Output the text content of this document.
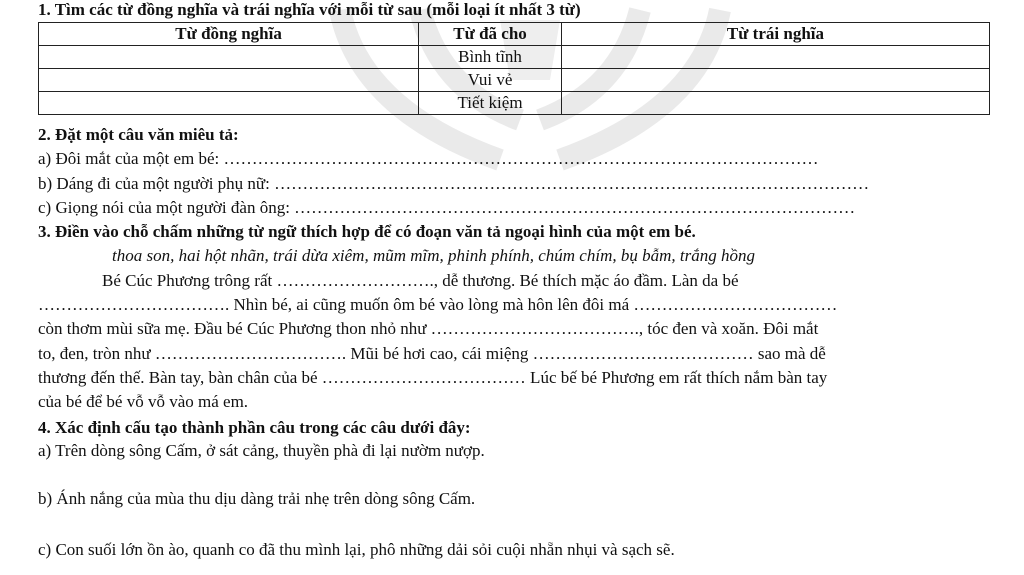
1. Tìm các từ đồng nghĩa và trái nghĩa với mỗi từ sau (mỗi loại ít nhất 3 từ)
Từ đồng nghĩa	Từ đã cho	Từ trái nghĩa
	Bình tĩnh	
	Vui vẻ	
	Tiết kiệm	
2. Đặt một câu văn miêu tả:
a) Đôi mắt của một em bé: ……………………………………………………………………………………………
b) Dáng đi của một người phụ nữ: ……………………………………………………………………………………………
c) Giọng nói của một người đàn ông: ………………………………………………………………………………………
3. Điền vào chỗ chấm những từ ngữ thích hợp để có đoạn văn tả ngoại hình của một em bé.
thoa son, hai hột nhãn, trái dừa xiêm, mũm mĩm, phinh phính, chúm chím, bụ bẫm, trắng hồng
Bé Cúc Phương trông rất ………………………., dễ thương. Bé thích mặc áo đầm. Làn da bé
……………………………. Nhìn bé, ai cũng muốn ôm bé vào lòng mà hôn lên đôi má ………………………………
còn thơm mùi sữa mẹ. Đầu bé Cúc Phương thon nhỏ như ………………………………., tóc đen và xoăn. Đôi mắt
to, đen, tròn như ……………………………. Mũi bé hơi cao, cái miệng ………………………………… sao mà dễ
thương đến thế. Bàn tay, bàn chân của bé ……………………………… Lúc bế bé Phương em rất thích nắm bàn tay
của bé để bé vỗ vỗ vào má em.
4. Xác định cấu tạo thành phần câu trong các câu dưới đây:
a) Trên dòng sông Cấm, ở sát cảng, thuyền phà đi lại nườm nượp.
b) Ánh nắng của mùa thu dịu dàng trải nhẹ trên dòng sông Cấm.
c) Con suối lớn ồn ào, quanh co đã thu mình lại, phô những dải sỏi cuội nhẵn nhụi và sạch sẽ.
